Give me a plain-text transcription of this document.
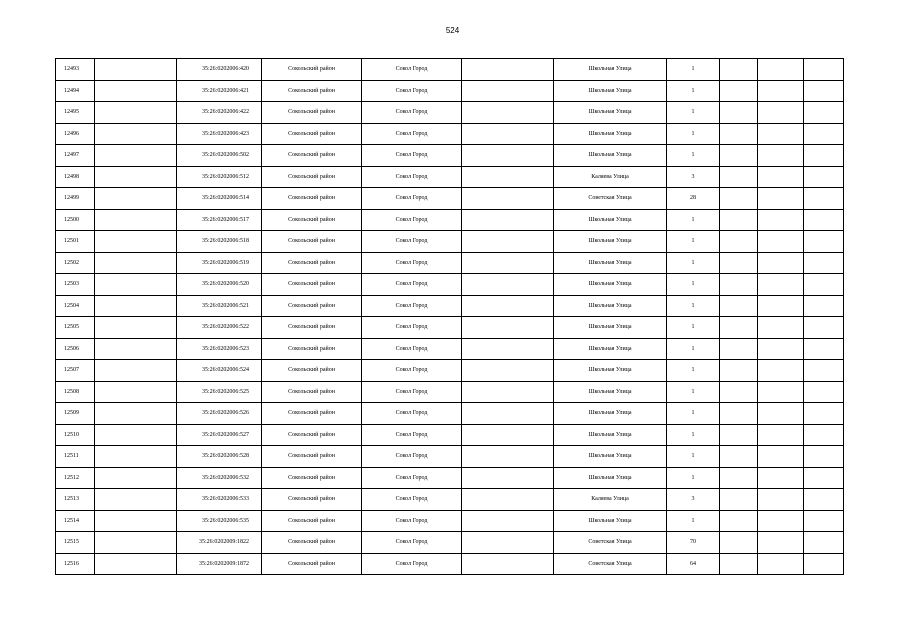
524
12493		35:26:0202006:420	Сокольский район	Сокол Город		Школьная Улица	1			
12494		35:26:0202006:421	Сокольский район	Сокол Город		Школьная Улица	1			
12495		35:26:0202006:422	Сокольский район	Сокол Город		Школьная Улица	1			
12496		35:26:0202006:423	Сокольский район	Сокол Город		Школьная Улица	1			
12497		35:26:0202006:502	Сокольский район	Сокол Город		Школьная Улица	1			
12498		35:26:0202006:512	Сокольский район	Сокол Город		Каляева Улица	3			
12499		35:26:0202006:514	Сокольский район	Сокол Город		Советская Улица	28			
12500		35:26:0202006:517	Сокольский район	Сокол Город		Школьная Улица	1			
12501		35:26:0202006:518	Сокольский район	Сокол Город		Школьная Улица	1			
12502		35:26:0202006:519	Сокольский район	Сокол Город		Школьная Улица	1			
12503		35:26:0202006:520	Сокольский район	Сокол Город		Школьная Улица	1			
12504		35:26:0202006:521	Сокольский район	Сокол Город		Школьная Улица	1			
12505		35:26:0202006:522	Сокольский район	Сокол Город		Школьная Улица	1			
12506		35:26:0202006:523	Сокольский район	Сокол Город		Школьная Улица	1			
12507		35:26:0202006:524	Сокольский район	Сокол Город		Школьная Улица	1			
12508		35:26:0202006:525	Сокольский район	Сокол Город		Школьная Улица	1			
12509		35:26:0202006:526	Сокольский район	Сокол Город		Школьная Улица	1			
12510		35:26:0202006:527	Сокольский район	Сокол Город		Школьная Улица	1			
12511		35:26:0202006:528	Сокольский район	Сокол Город		Школьная Улица	1			
12512		35:26:0202006:532	Сокольский район	Сокол Город		Школьная Улица	1			
12513		35:26:0202006:533	Сокольский район	Сокол Город		Каляева Улица	3			
12514		35:26:0202006:535	Сокольский район	Сокол Город		Школьная Улица	1			
12515		35:26:0202009:1822	Сокольский район	Сокол Город		Советская Улица	70			
12516		35:26:0202009:1872	Сокольский район	Сокол Город		Советская Улица	64			
